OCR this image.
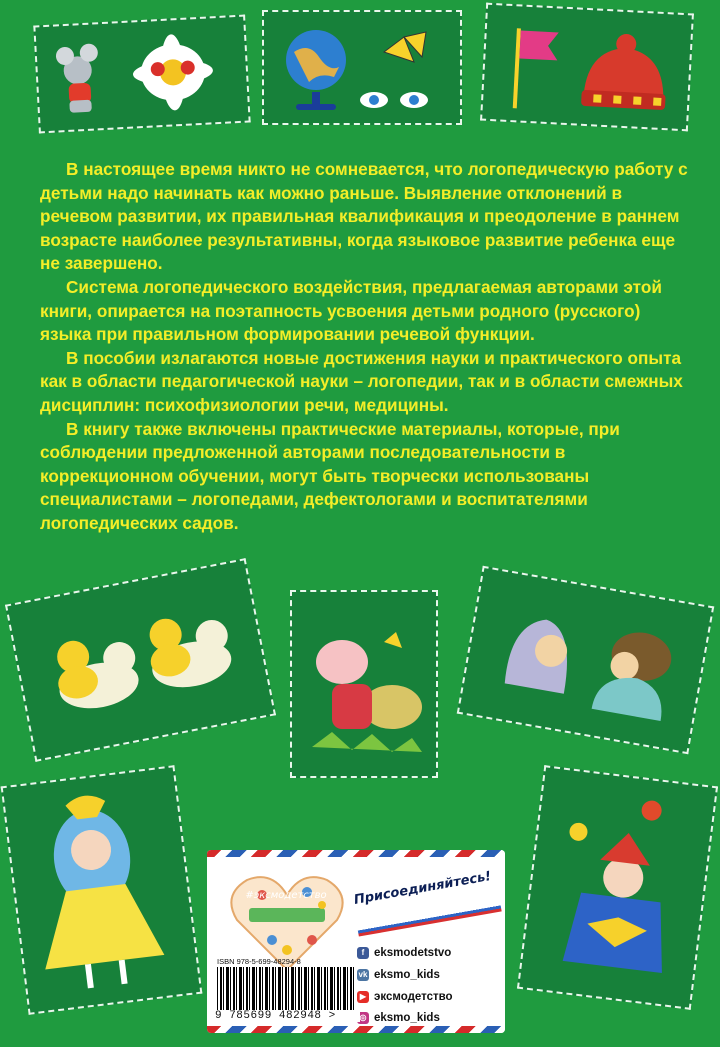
В настоящее время никто не сомневается, что логопедическую работу с детьми надо начинать как можно раньше. Выявление отклонений в речевом развитии, их правильная квалификация и преодоление в раннем возрасте наиболее результативны, когда языковое развитие ребенка еще не завершено.

Система логопедического воздействия, предлагаемая авторами этой книги, опирается на поэтапность усвоения детьми родного (русского) языка при правильном формировании речевой функции.

В пособии излагаются новые достижения науки и практического опыта как в области педагогической науки – логопедии, так и в области смежных дисциплин: психофизиологии речи, медицины.

В книгу также включены практические материалы, которые, при соблюдении предложенной авторами последовательности в коррекционном обучении, могут быть творчески использованы специалистами – логопедами, дефектологами и воспитателями логопедических садов.

#эксмодетство	Присоединяйтесь!
f eksmodetstvo
vk eksmo_kids
▶ эксмодетство
◎ eksmo_kids
ISBN 978-5-699-48294-8
9 785699 482948 >
